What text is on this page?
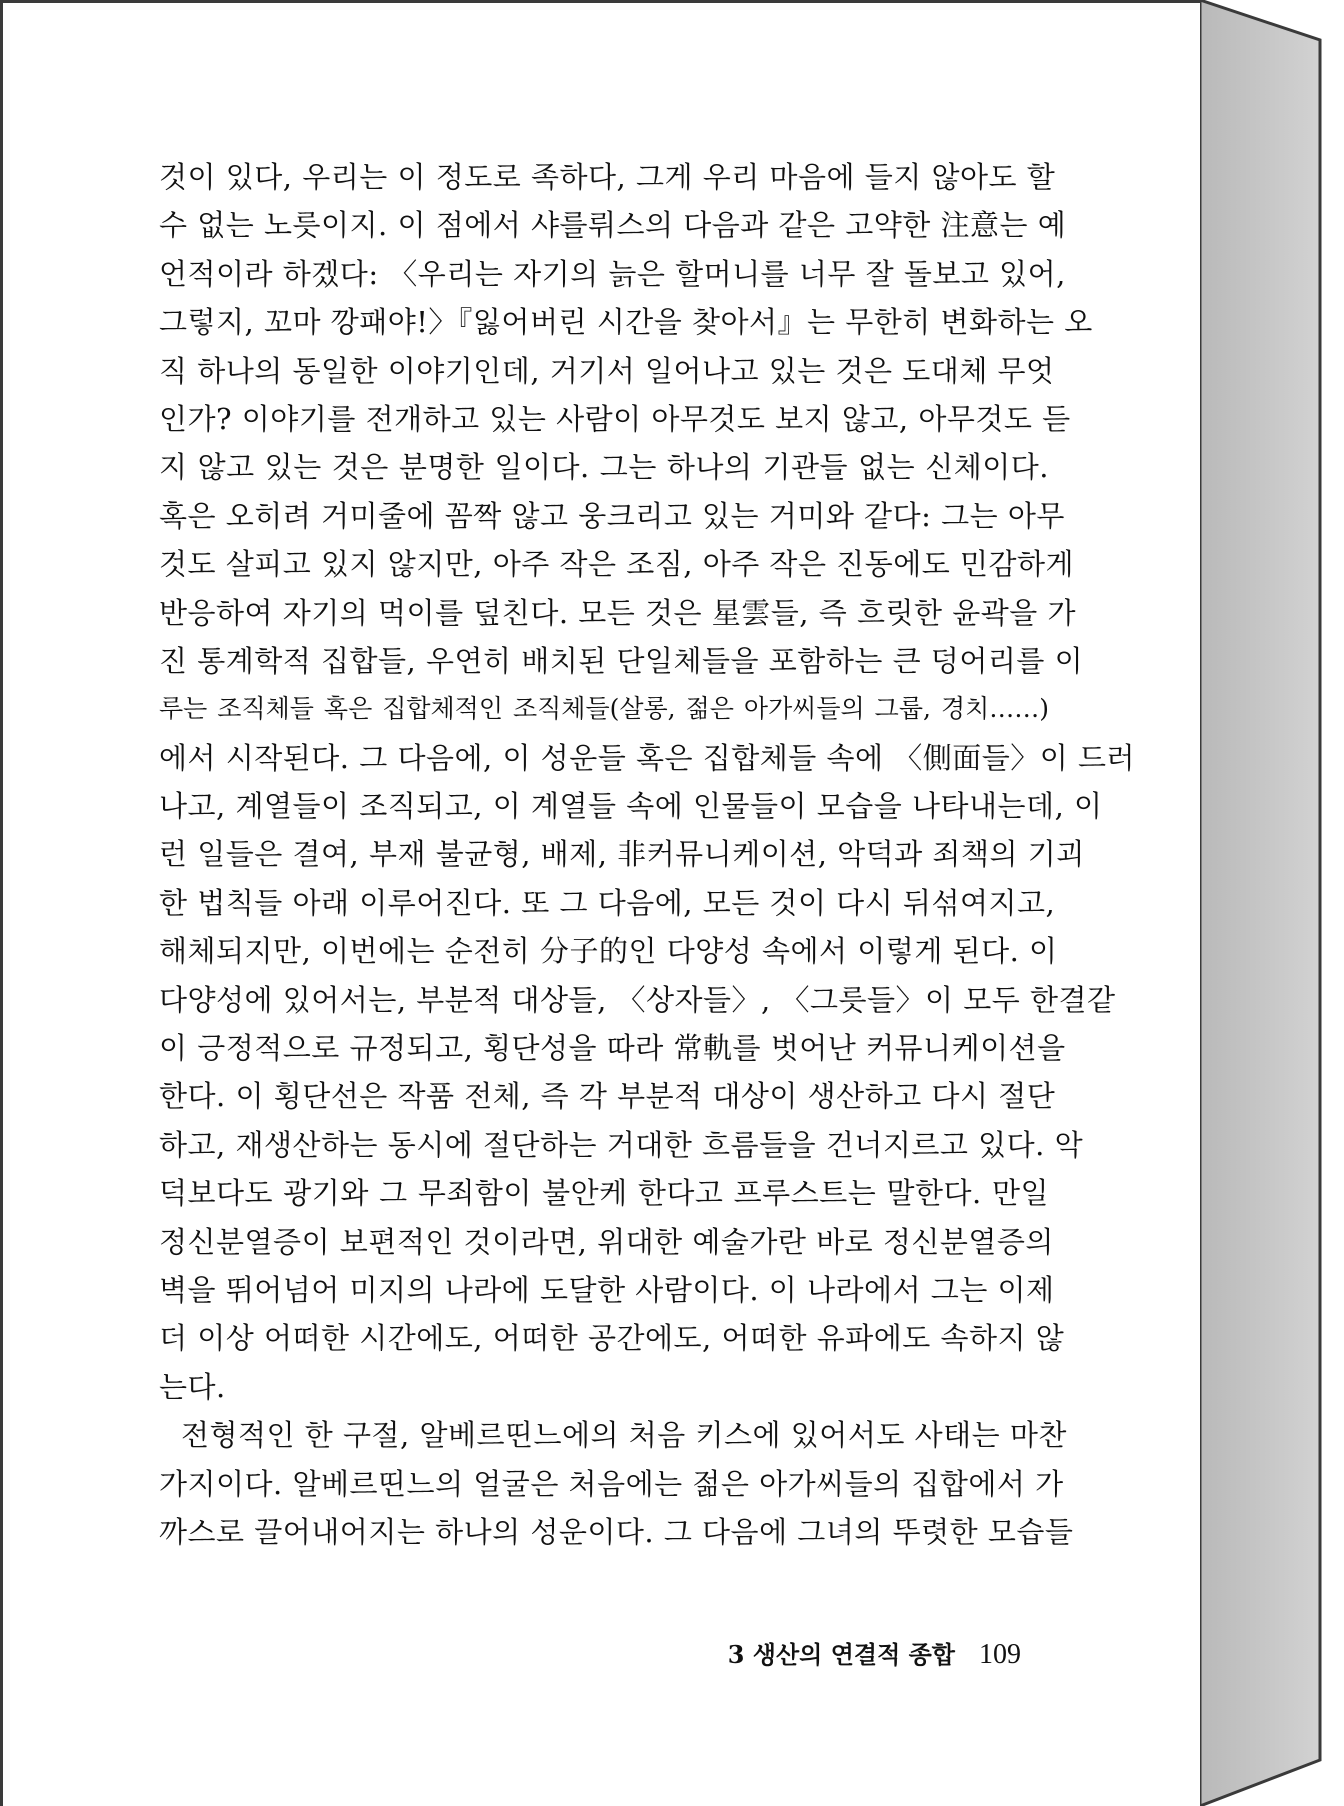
것이 있다, 우리는 이 정도로 족하다, 그게 우리 마음에 들지 않아도 할
수 없는 노릇이지. 이 점에서 샤를뤼스의 다음과 같은 고약한 注意는 예
언적이라 하겠다: 〈우리는 자기의 늙은 할머니를 너무 잘 돌보고 있어,
그렇지, 꼬마 깡패야!〉『잃어버린 시간을 찾아서』는 무한히 변화하는 오
직 하나의 동일한 이야기인데, 거기서 일어나고 있는 것은 도대체 무엇
인가? 이야기를 전개하고 있는 사람이 아무것도 보지 않고, 아무것도 듣
지 않고 있는 것은 분명한 일이다. 그는 하나의 기관들 없는 신체이다.
혹은 오히려 거미줄에 꼼짝 않고 웅크리고 있는 거미와 같다: 그는 아무
것도 살피고 있지 않지만, 아주 작은 조짐, 아주 작은 진동에도 민감하게
반응하여 자기의 먹이를 덮친다. 모든 것은 星雲들, 즉 흐릿한 윤곽을 가
진 통계학적 집합들, 우연히 배치된 단일체들을 포함하는 큰 덩어리를 이
루는 조직체들 혹은 집합체적인 조직체들(살롱, 젊은 아가씨들의 그룹, 경치……)
에서 시작된다. 그 다음에, 이 성운들 혹은 집합체들 속에 〈側面들〉이 드러
나고, 계열들이 조직되고, 이 계열들 속에 인물들이 모습을 나타내는데, 이
런 일들은 결여, 부재 불균형, 배제, 非커뮤니케이션, 악덕과 죄책의 기괴
한 법칙들 아래 이루어진다. 또 그 다음에, 모든 것이 다시 뒤섞여지고,
해체되지만, 이번에는 순전히 分子的인 다양성 속에서 이렇게 된다. 이
다양성에 있어서는, 부분적 대상들, 〈상자들〉, 〈그릇들〉이 모두 한결같
이 긍정적으로 규정되고, 횡단성을 따라 常軌를 벗어난 커뮤니케이션을
한다. 이 횡단선은 작품 전체, 즉 각 부분적 대상이 생산하고 다시 절단
하고, 재생산하는 동시에 절단하는 거대한 흐름들을 건너지르고 있다. 악
덕보다도 광기와 그 무죄함이 불안케 한다고 프루스트는 말한다. 만일
정신분열증이 보편적인 것이라면, 위대한 예술가란 바로 정신분열증의
벽을 뛰어넘어 미지의 나라에 도달한 사람이다. 이 나라에서 그는 이제
더 이상 어떠한 시간에도, 어떠한 공간에도, 어떠한 유파에도 속하지 않
는다.
전형적인 한 구절, 알베르띤느에의 처음 키스에 있어서도 사태는 마찬
가지이다. 알베르띤느의 얼굴은 처음에는 젊은 아가씨들의 집합에서 가
까스로 끌어내어지는 하나의 성운이다. 그 다음에 그녀의 뚜렷한 모습들
3 생산의 연결적 종합 109
